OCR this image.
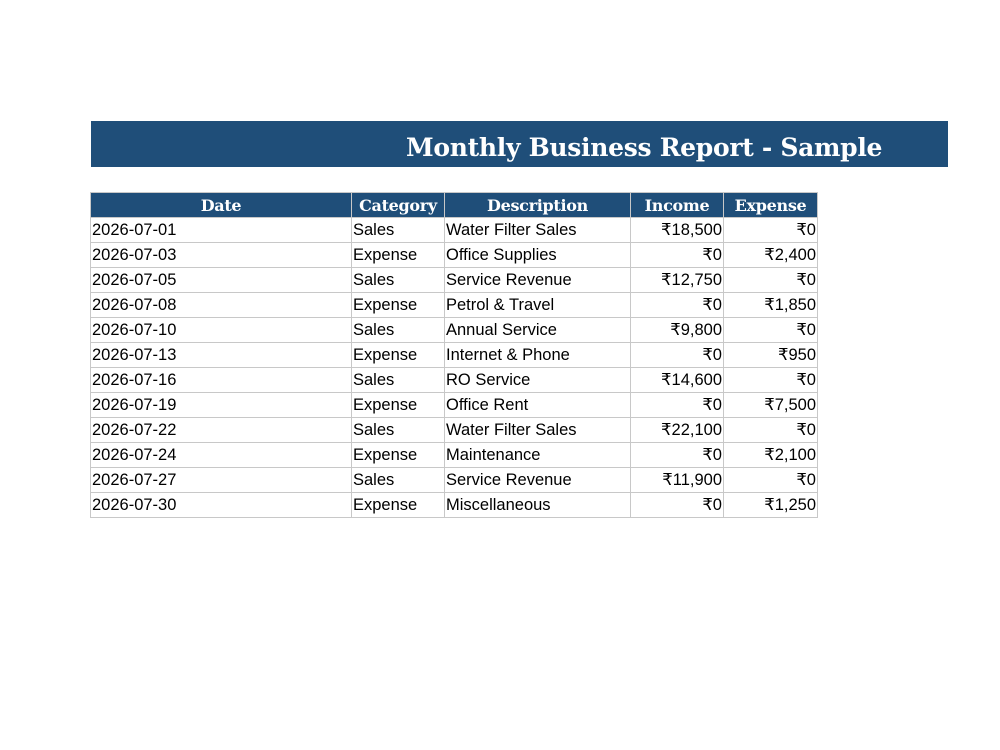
Monthly Business Report - Sample
Date	Category	Description	Income	Expense
2026-07-01	Sales	Water Filter Sales	₹18,500	₹0
2026-07-03	Expense	Office Supplies	₹0	₹2,400
2026-07-05	Sales	Service Revenue	₹12,750	₹0
2026-07-08	Expense	Petrol & Travel	₹0	₹1,850
2026-07-10	Sales	Annual Service	₹9,800	₹0
2026-07-13	Expense	Internet & Phone	₹0	₹950
2026-07-16	Sales	RO Service	₹14,600	₹0
2026-07-19	Expense	Office Rent	₹0	₹7,500
2026-07-22	Sales	Water Filter Sales	₹22,100	₹0
2026-07-24	Expense	Maintenance	₹0	₹2,100
2026-07-27	Sales	Service Revenue	₹11,900	₹0
2026-07-30	Expense	Miscellaneous	₹0	₹1,250
